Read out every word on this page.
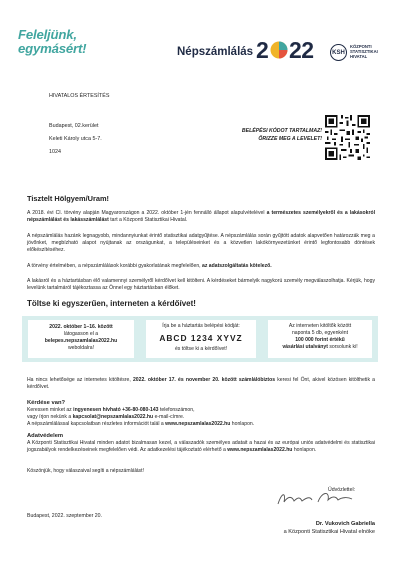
Feleljünk,
egymásért!	Népszámlálás 2 22	KSH
KÖZPONTI
STATISZTIKAI
HIVATAL
HIVATALOS ÉRTESÍTÉS
Budapest, 02.kerület
Keleti Károly utca 5-7.
1024
BELÉPÉSI KÓDOT TARTALMAZ!
ŐRIZZE MEG A LEVELET!
Tisztelt Hölgyem/Uram!
A 2018. évi CI. törvény alapján Magyarországon a 2022. október 1-jén fennálló állapot alapulvételével a természetes személyekről és a lakásokról népszámlálást és lakásszámlálást tart a Központi Statisztikai Hivatal.
A népszámlálás hazánk legnagyobb, mindannyiunkat érintő statisztikai adatgyűjtése. A népszámlálás során gyűjtött adatok alapvetően határozzák meg a jövőnket, megbízható alapot nyújtanak az országunkat, a településeinket és a közvetlen lakókörnyezetünket érintő legfontosabb döntések előkészítéséhez.
A törvény értelmében, a népszámlálások korábbi gyakorlatának megfelelően, az adatszolgáltatás kötelező.
A lakásról és a háztartásban élő valamennyi személyről kérdőívet kell kitölteni. A kérdéseket bármelyik nagykorú személy megválaszolhatja. Kérjük, hogy levelünk tartalmáról tájékoztassa az Önnel egy háztartásban élőket.
Töltse ki egyszerűen, interneten a kérdőívet!
2022. október 1–16. között
látogasson el a
belepes.nepszamlalas2022.hu
weboldalra!
Írja be a háztartás belépési kódját:
ABCD 1234 XYVZ
és töltse ki a kérdőívet!
Az interneten kitöltők között
naponta 5 db, egyenként
100 000 forint értékű
vásárlási utalványt sorsolunk ki!
Ha nincs lehetősége az internetes kitöltésre, 2022. október 17. és november 20. között számlálóbiztos keresi fel Önt, akivel közösen kitölthetik a kérdőívet.
Kérdése van?
Keressen minket az ingyenesen hívható +36-80-080-143 telefonszámon,
vagy írjon nekünk a kapcsolat@nepszamlalas2022.hu e-mail-címre.
A népszámlálással kapcsolatban részletes információt talál a www.nepszamlalas2022.hu honlapon.
Adatvédelem
A Központi Statisztikai Hivatal minden adatot bizalmasan kezel, a válaszadók személyes adatait a hazai és az európai uniós adatvédelmi és statisztikai jogszabályok rendelkezéseinek megfelelően védi. Az adatkezelési tájékoztató elérhető a www.nepszamlalas2022.hu honlapon.
Köszönjük, hogy válaszaival segíti a népszámlálást!
Üdvözlettel:
Budapest, 2022. szeptember 20.
Dr. Vukovich Gabriella
a Központi Statisztikai Hivatal elnöke
